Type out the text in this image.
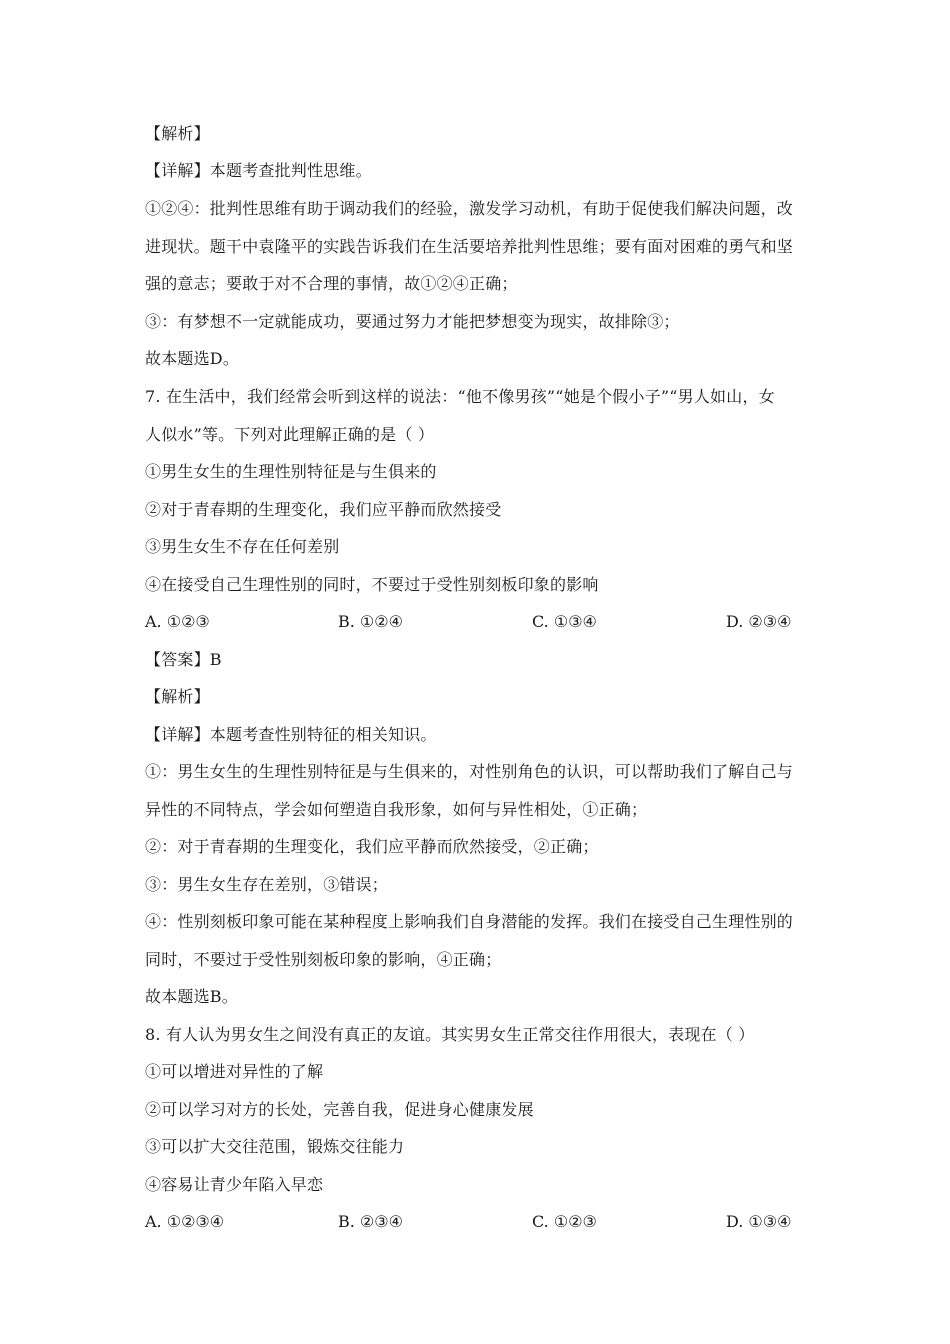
【解析】
【详解】本题考查批判性思维。
①②④：批判性思维有助于调动我们的经验，激发学习动机，有助于促使我们解决问题，改
进现状。题干中袁隆平的实践告诉我们在生活要培养批判性思维；要有面对困难的勇气和坚
强的意志；要敢于对不合理的事情，故①②④正确；
③：有梦想不一定就能成功，要通过努力才能把梦想变为现实，故排除③；
故本题选D。
7. 在生活中，我们经常会听到这样的说法：“他不像男孩”“她是个假小子”“男人如山，女
人似水”等。下列对此理解正确的是（ ）
①男生女生的生理性别特征是与生俱来的
②对于青春期的生理变化，我们应平静而欣然接受
③男生女生不存在任何差别
④在接受自己生理性别的同时，不要过于受性别刻板印象的影响
A. ①②③	B. ①②④	C. ①③④	D. ②③④
【答案】B
【解析】
【详解】本题考查性别特征的相关知识。
①：男生女生的生理性别特征是与生俱来的，对性别角色的认识，可以帮助我们了解自己与
异性的不同特点，学会如何塑造自我形象，如何与异性相处，①正确；
②：对于青春期的生理变化，我们应平静而欣然接受，②正确；
③：男生女生存在差别，③错误；
④：性别刻板印象可能在某种程度上影响我们自身潜能的发挥。我们在接受自己生理性别的
同时，不要过于受性别刻板印象的影响，④正确；
故本题选B。
8. 有人认为男女生之间没有真正的友谊。其实男女生正常交往作用很大，表现在（ ）
①可以增进对异性的了解
②可以学习对方的长处，完善自我，促进身心健康发展
③可以扩大交往范围，锻炼交往能力
④容易让青少年陷入早恋
A. ①②③④	B. ②③④	C. ①②③	D. ①③④
